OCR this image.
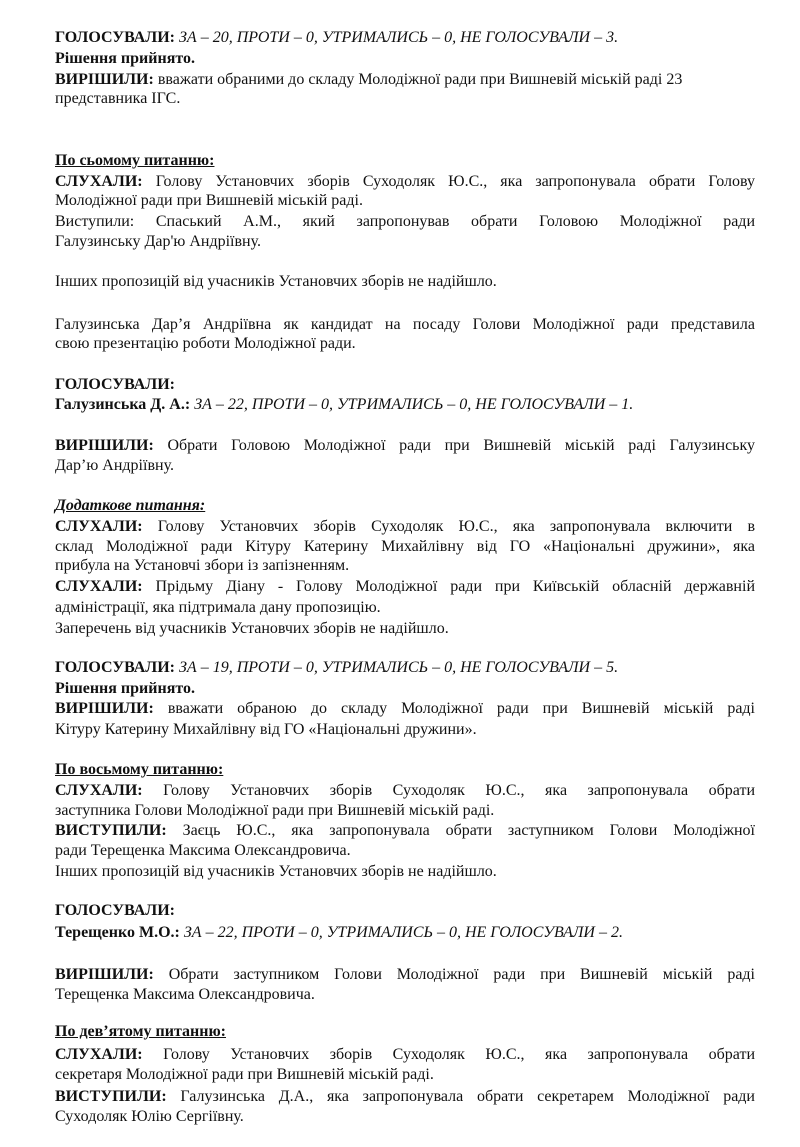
ГОЛОСУВАЛИ: ЗА – 20, ПРОТИ – 0, УТРИМАЛИСЬ – 0, НЕ ГОЛОСУВАЛИ – 3.
Рішення прийнято.
ВИРІШИЛИ: вважати обраними до складу Молодіжної ради при Вишневій міській раді 23
представника ІГС.
По сьомому питанню:
СЛУХАЛИ: Голову Установчих зборів Суходоляк Ю.С., яка запропонувала обрати Голову
Молодіжної ради при Вишневій міській раді.
Виступили: Спаський А.М., який запропонував обрати Головою Молодіжної ради
Галузинську Дар'ю Андріївну.
Інших пропозицій від учасників Установчих зборів не надійшло.
Галузинська Дар’я Андріївна як кандидат на посаду Голови Молодіжної ради представила
свою презентацію роботи Молодіжної ради.
ГОЛОСУВАЛИ:
Галузинська Д. А.: ЗА – 22, ПРОТИ – 0, УТРИМАЛИСЬ – 0, НЕ ГОЛОСУВАЛИ – 1.
ВИРІШИЛИ: Обрати Головою Молодіжної ради при Вишневій міській раді Галузинську
Дар’ю Андріївну.
Додаткове питання:
СЛУХАЛИ: Голову Установчих зборів Суходоляк Ю.С., яка запропонувала включити в
склад Молодіжної ради Кітуру Катерину Михайлівну від ГО «Національні дружини», яка
прибула на Установчі збори із запізненням.
СЛУХАЛИ: Прідьму Діану - Голову Молодіжної ради при Київській обласній державній
адміністрації, яка підтримала дану пропозицію.
Заперечень від учасників Установчих зборів не надійшло.
ГОЛОСУВАЛИ: ЗА – 19, ПРОТИ – 0, УТРИМАЛИСЬ – 0, НЕ ГОЛОСУВАЛИ – 5.
Рішення прийнято.
ВИРІШИЛИ: вважати обраною до складу Молодіжної ради при Вишневій міській раді
Кітуру Катерину Михайлівну від ГО «Національні дружини».
По восьмому питанню:
СЛУХАЛИ: Голову Установчих зборів Суходоляк Ю.С., яка запропонувала обрати
заступника Голови Молодіжної ради при Вишневій міській раді.
ВИСТУПИЛИ: Заєць Ю.С., яка запропонувала обрати заступником Голови Молодіжної
ради Терещенка Максима Олександровича.
Інших пропозицій від учасників Установчих зборів не надійшло.
ГОЛОСУВАЛИ:
Терещенко М.О.: ЗА – 22, ПРОТИ – 0, УТРИМАЛИСЬ – 0, НЕ ГОЛОСУВАЛИ – 2.
ВИРІШИЛИ: Обрати заступником Голови Молодіжної ради при Вишневій міській раді
Терещенка Максима Олександровича.
По дев’ятому питанню:
СЛУХАЛИ: Голову Установчих зборів Суходоляк Ю.С., яка запропонувала обрати
секретаря Молодіжної ради при Вишневій міській раді.
ВИСТУПИЛИ: Галузинська Д.А., яка запропонувала обрати секретарем Молодіжної ради
Суходоляк Юлію Сергіївну.
